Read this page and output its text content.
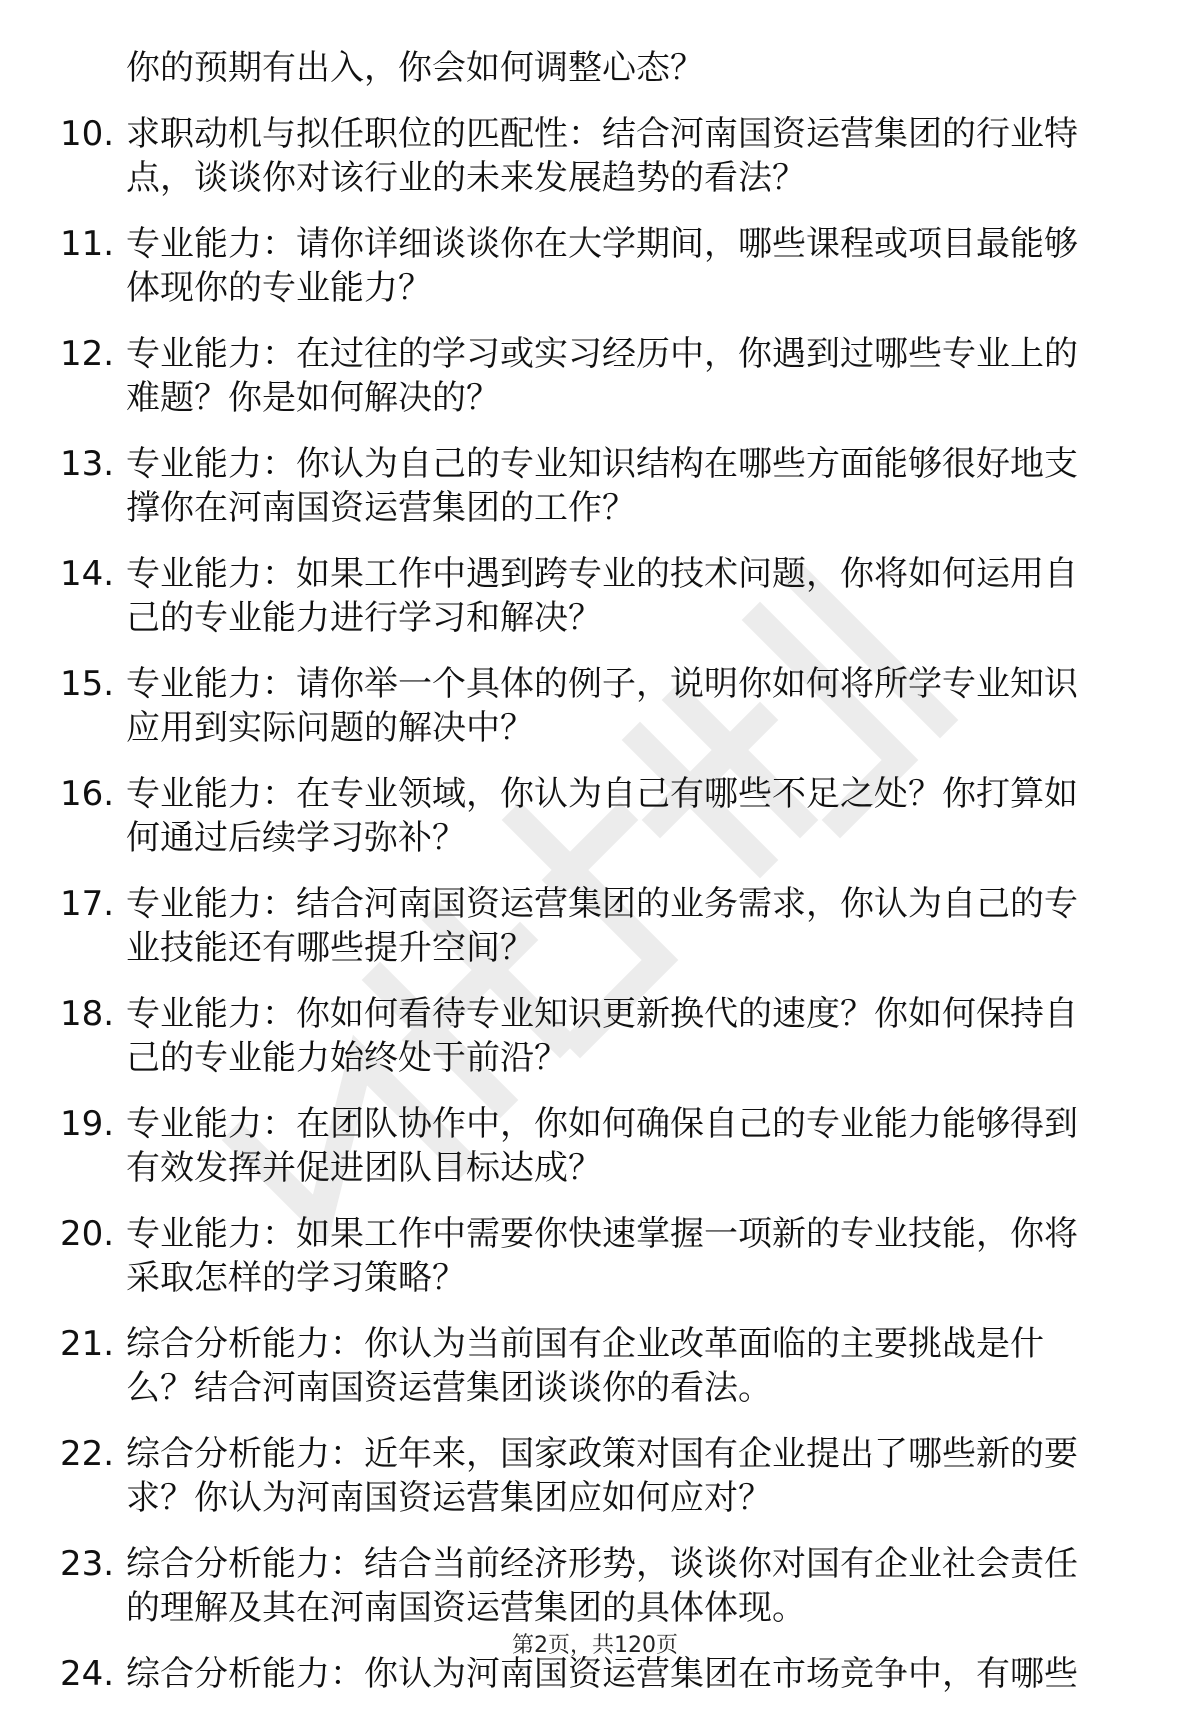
你的预期有出入，你会如何调整心态？
10. 求职动机与拟任职位的匹配性：结合河南国资运营集团的行业特
点，谈谈你对该行业的未来发展趋势的看法？
11. 专业能力：请你详细谈谈你在大学期间，哪些课程或项目最能够
体现你的专业能力？
12. 专业能力：在过往的学习或实习经历中，你遇到过哪些专业上的
难题？你是如何解决的？
13. 专业能力：你认为自己的专业知识结构在哪些方面能够很好地支
撑你在河南国资运营集团的工作？
14. 专业能力：如果工作中遇到跨专业的技术问题，你将如何运用自
己的专业能力进行学习和解决？
15. 专业能力：请你举一个具体的例子，说明你如何将所学专业知识
应用到实际问题的解决中？
16. 专业能力：在专业领域，你认为自己有哪些不足之处？你打算如
何通过后续学习弥补？
17. 专业能力：结合河南国资运营集团的业务需求，你认为自己的专
业技能还有哪些提升空间？
18. 专业能力：你如何看待专业知识更新换代的速度？你如何保持自
己的专业能力始终处于前沿？
19. 专业能力：在团队协作中，你如何确保自己的专业能力能够得到
有效发挥并促进团队目标达成？
20. 专业能力：如果工作中需要你快速掌握一项新的专业技能，你将
采取怎样的学习策略？
21. 综合分析能力：你认为当前国有企业改革面临的主要挑战是什
么？结合河南国资运营集团谈谈你的看法。
22. 综合分析能力：近年来，国家政策对国有企业提出了哪些新的要
求？你认为河南国资运营集团应如何应对？
23. 综合分析能力：结合当前经济形势，谈谈你对国有企业社会责任
的理解及其在河南国资运营集团的具体体现。
24. 综合分析能力：你认为河南国资运营集团在市场竞争中，有哪些
第2页，共120页
